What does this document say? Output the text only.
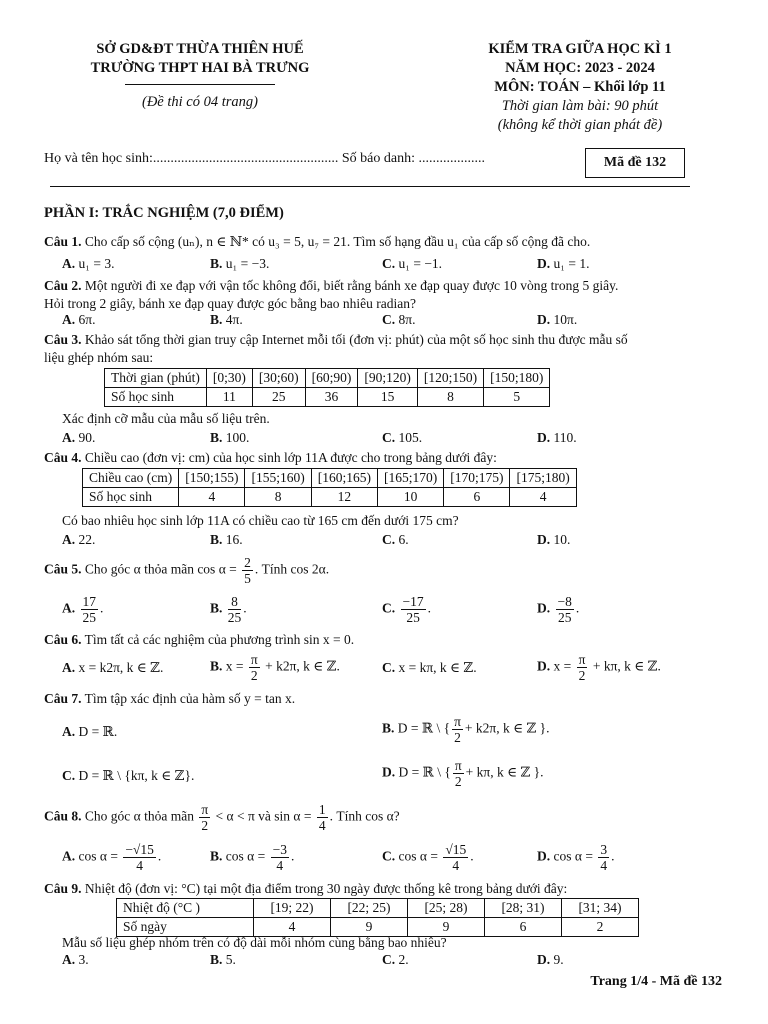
SỞ GD&ĐT THỪA THIÊN HUẾ
TRƯỜNG THPT HAI BÀ TRƯNG
(Đề thi có 04 trang)
KIỂM TRA GIỮA HỌC KÌ 1
NĂM HỌC: 2023 - 2024
MÔN: TOÁN – Khối lớp 11
Thời gian làm bài: 90 phút
(không kể thời gian phát đề)
Họ và tên học sinh:..................................................... Số báo danh: ...................	Mã đề 132
PHẦN I: TRẮC NGHIỆM (7,0 ĐIỂM)
Câu 1. Cho cấp số cộng (uₙ), n ∈ ℕ* có u₃ = 5, u₇ = 21. Tìm số hạng đầu u₁ của cấp số cộng đã cho.
A. u₁ = 3.	B. u₁ = −3.	C. u₁ = −1.	D. u₁ = 1.
Câu 2. Một người đi xe đạp với vận tốc không đổi, biết rằng bánh xe đạp quay được 10 vòng trong 5 giây.
Hỏi trong 2 giây, bánh xe đạp quay được góc bằng bao nhiêu radian?
A. 6π.	B. 4π.	C. 8π.	D. 10π.
Câu 3. Khảo sát tổng thời gian truy cập Internet mỗi tối (đơn vị: phút) của một số học sinh thu được mẫu số
liệu ghép nhóm sau:
Thời gian (phút)	[0;30)	[30;60)	[60;90)	[90;120)	[120;150)	[150;180)
Số học sinh	11	25	36	15	8	5
Xác định cỡ mẫu của mẫu số liệu trên.
A. 90.	B. 100.	C. 105.	D. 110.
Câu 4. Chiều cao (đơn vị: cm) của học sinh lớp 11A được cho trong bảng dưới đây:
Chiều cao (cm)	[150;155)	[155;160)	[160;165)	[165;170)	[170;175)	[175;180)
Số học sinh	4	8	12	10	6	4
Có bao nhiêu học sinh lớp 11A có chiều cao từ 165 cm đến dưới 175 cm?
A. 22.	B. 16.	C. 6.	D. 10.
Câu 5. Cho góc α thỏa mãn $\cos \alpha = \frac{2}{5}$ . Tính cos 2α.
A. $\frac{17}{25}$ .	B. $\frac{8}{25}$ .	C. $\frac{-17}{25}$ .	D. $\frac{-8}{25}$ .
Câu 6. Tìm tất cả các nghiệm của phương trình sin x = 0.
A. x = k2π, k ∈ ℤ.	B. $x = \frac{\pi}{2} + k2\pi$, k ∈ ℤ.	C. x = kπ, k ∈ ℤ.	D. $x = \frac{\pi}{2} + k\pi$, k ∈ ℤ.
Câu 7. Tìm tập xác định của hàm số y = tan x.
A. D = ℝ.	B. D = ℝ \ { $\frac{\pi}{2} + k2\pi$, k ∈ ℤ }.
C. D = ℝ \ {kπ, k ∈ ℤ}.	D. D = ℝ \ { $\frac{\pi}{2} + k\pi$, k ∈ ℤ }.
Câu 8. Cho góc α thỏa mãn $\frac{\pi}{2} < \alpha < \pi$ và $\sin \alpha = \frac{1}{4}$ . Tính cos α?
A. $\cos \alpha = \frac{-√15}{4}$ .	B. $\cos \alpha = \frac{-3}{4}$ .	C. $\cos \alpha = \frac{√15}{4}$ .	D. $\cos \alpha = \frac{3}{4}$ .
Câu 9. Nhiệt độ (đơn vị: °C) tại một địa điểm trong 30 ngày được thống kê trong bảng dưới đây:
Nhiệt độ (°C )	[19; 22)	[22; 25)	[25; 28)	[28; 31)	[31; 34)
Số ngày	4	9	9	6	2
Mẫu số liệu ghép nhóm trên có độ dài mỗi nhóm cùng bằng bao nhiêu?
A. 3.	B. 5.	C. 2.	D. 9.
Trang 1/4 - Mã đề 132
